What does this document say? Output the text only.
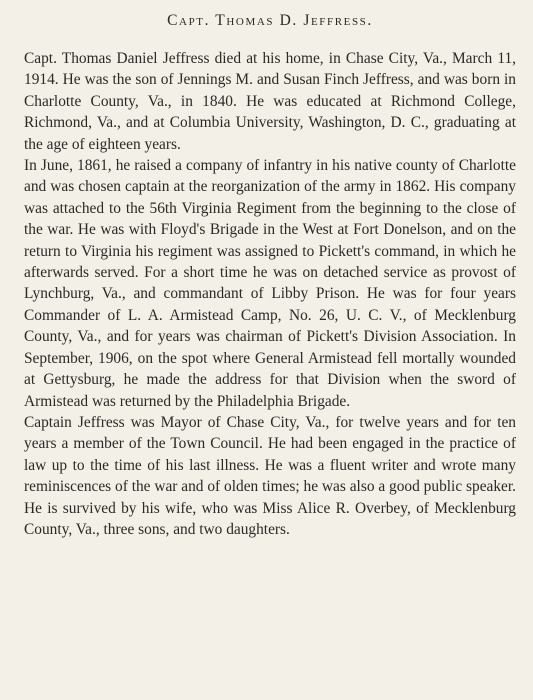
Capt. Thomas D. Jeffress.

Capt. Thomas Daniel Jeffress died at his home, in Chase City, Va., March 11, 1914. He was the son of Jennings M. and Susan Finch Jeffress, and was born in Charlotte County, Va., in 1840. He was educated at Richmond College, Richmond, Va., and at Columbia University, Washington, D. C., graduating at the age of eighteen years.

In June, 1861, he raised a company of infantry in his native county of Charlotte and was chosen captain at the reorganization of the army in 1862. His company was attached to the 56th Virginia Regiment from the beginning to the close of the war. He was with Floyd's Brigade in the West at Fort Donelson, and on the return to Virginia his regiment was assigned to Pickett's command, in which he afterwards served. For a short time he was on detached service as provost of Lynchburg, Va., and commandant of Libby Prison. He was for four years Commander of L. A. Armistead Camp, No. 26, U. C. V., of Mecklenburg County, Va., and for years was chairman of Pickett's Division Association. In September, 1906, on the spot where General Armistead fell mortally wounded at Gettysburg, he made the address for that Division when the sword of Armistead was returned by the Philadelphia Brigade.

Captain Jeffress was Mayor of Chase City, Va., for twelve years and for ten years a member of the Town Council. He had been engaged in the practice of law up to the time of his last illness. He was a fluent writer and wrote many reminiscences of the war and of olden times; he was also a good public speaker. He is survived by his wife, who was Miss Alice R. Overbey, of Mecklenburg County, Va., three sons, and two daughters.
